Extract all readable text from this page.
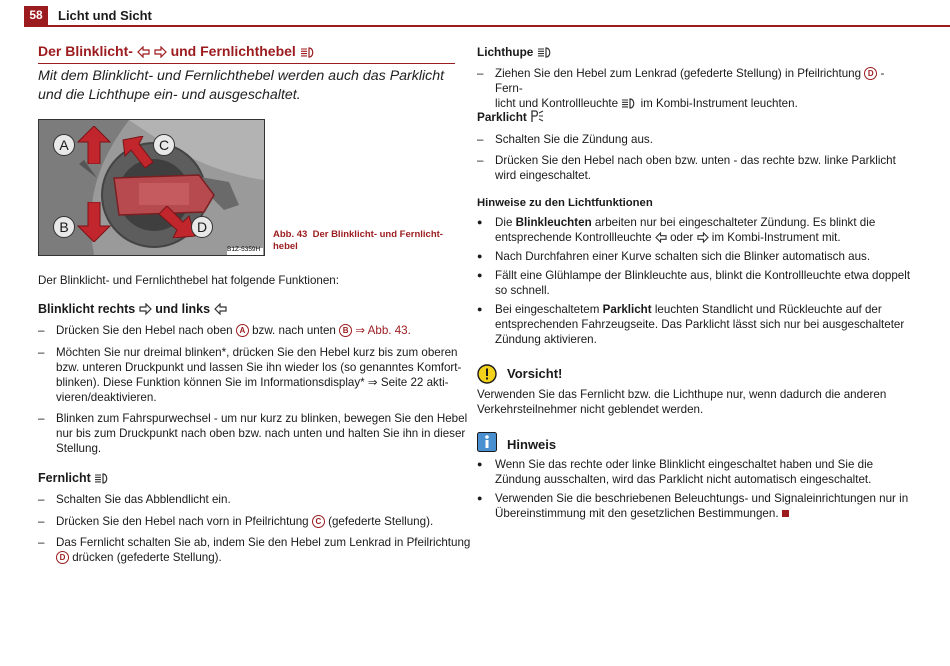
58	Licht und Sicht
Der Blinklicht-	und Fernlichthebel
Mit dem Blinklicht- und Fernlichthebel werden auch das Parklicht und die Lichthupe ein- und ausgeschaltet.
A	C
B	D
B1Z-5359H
Abb. 43 Der Blinklicht- und Fernlicht-hebel
Der Blinklicht- und Fernlichthebel hat folgende Funktionen:
Blinklicht rechts und links
– Drücken Sie den Hebel nach oben A bzw. nach unten B ⇒ Abb. 43.
– Möchten Sie nur dreimal blinken*, drücken Sie den Hebel kurz bis zum oberen bzw. unteren Druckpunkt und lassen Sie ihn wieder los (so genanntes Komfort-blinken). Diese Funktion können Sie im Informationsdisplay* ⇒ Seite 22 akti-vieren/deaktivieren.
– Blinken zum Fahrspurwechsel - um nur kurz zu blinken, bewegen Sie den Hebel nur bis zum Druckpunkt nach oben bzw. nach unten und halten Sie ihn in dieser Stellung.
Fernlicht
– Schalten Sie das Abblendlicht ein.
– Drücken Sie den Hebel nach vorn in Pfeilrichtung C (gefederte Stellung).
– Das Fernlicht schalten Sie ab, indem Sie den Hebel zum Lenkrad in Pfeilrichtung
D drücken (gefederte Stellung).
Lichthupe
– Ziehen Sie den Hebel zum Lenkrad (gefederte Stellung) in Pfeilrichtung D - Fern-
licht und Kontrollleuchte im Kombi-Instrument leuchten.
Parklicht
– Schalten Sie die Zündung aus.
– Drücken Sie den Hebel nach oben bzw. unten - das rechte bzw. linke Parklicht wird eingeschaltet.
Hinweise zu den Lichtfunktionen
● Die Blinkleuchten arbeiten nur bei eingeschalteter Zündung. Es blinkt die entsprechende Kontrollleuchte oder im Kombi-Instrument mit.
● Nach Durchfahren einer Kurve schalten sich die Blinker automatisch aus.
● Fällt eine Glühlampe der Blinkleuchte aus, blinkt die Kontrollleuchte etwa doppelt so schnell.
● Bei eingeschaltetem Parklicht leuchten Standlicht und Rückleuchte auf der entsprechenden Fahrzeugseite. Das Parklicht lässt sich nur bei ausgeschalteter Zündung aktivieren.
Vorsicht!
Verwenden Sie das Fernlicht bzw. die Lichthupe nur, wenn dadurch die anderen Verkehrsteilnehmer nicht geblendet werden.
Hinweis
● Wenn Sie das rechte oder linke Blinklicht eingeschaltet haben und Sie die Zündung ausschalten, wird das Parklicht nicht automatisch eingeschaltet.
● Verwenden Sie die beschriebenen Beleuchtungs- und Signaleinrichtungen nur in Übereinstimmung mit den gesetzlichen Bestimmungen.
